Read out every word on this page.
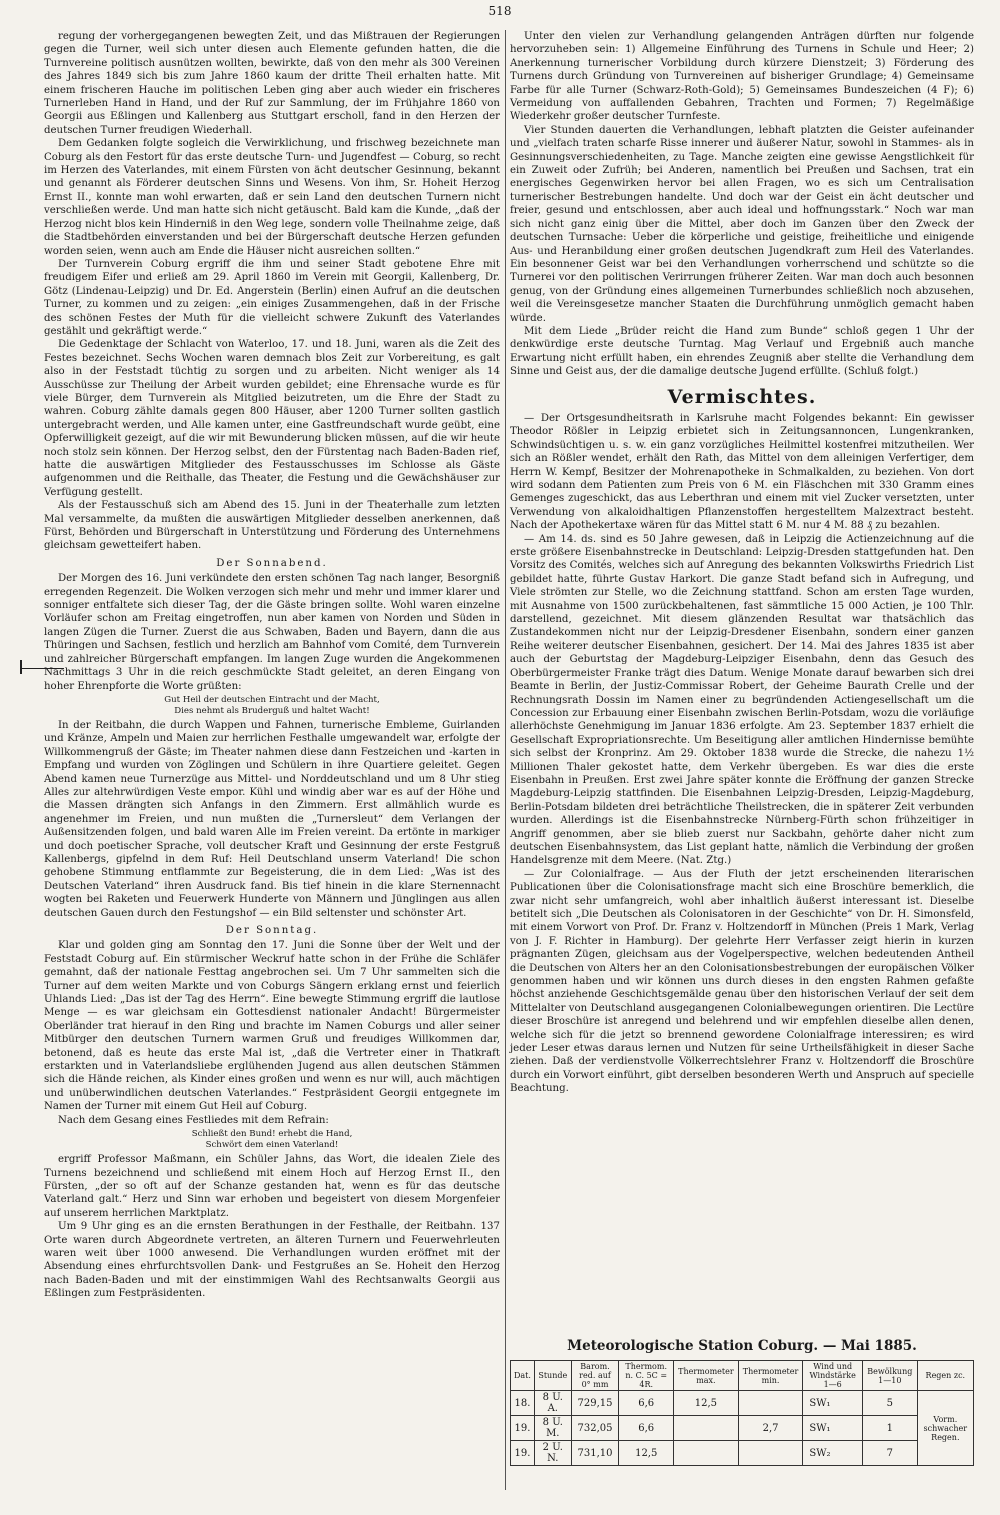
518

regung der vorhergegangenen bewegten Zeit, und das Mißtrauen der Regierungen gegen die Turner, weil sich unter diesen auch Elemente gefunden hatten, die die Turnvereine politisch ausnützen wollten, bewirkte, daß von den mehr als 300 Vereinen des Jahres 1849 sich bis zum Jahre 1860 kaum der dritte Theil erhalten hatte. Mit einem frischeren Hauche im politischen Leben ging aber auch wieder ein frischeres Turnerleben Hand in Hand, und der Ruf zur Sammlung, der im Frühjahre 1860 von Georgii aus Eßlingen und Kallenberg aus Stuttgart erscholl, fand in den Herzen der deutschen Turner freudigen Wiederhall.

Dem Gedanken folgte sogleich die Verwirklichung, und frischweg bezeichnete man Coburg als den Festort für das erste deutsche Turn- und Jugendfest — Coburg, so recht im Herzen des Vaterlandes, mit einem Fürsten von ächt deutscher Gesinnung, bekannt und genannt als Förderer deutschen Sinns und Wesens. Von ihm, Sr. Hoheit Herzog Ernst II., konnte man wohl erwarten, daß er sein Land den deutschen Turnern nicht verschließen werde. Und man hatte sich nicht getäuscht. Bald kam die Kunde, „daß der Herzog nicht blos kein Hinderniß in den Weg lege, sondern volle Theilnahme zeige, daß die Stadtbehörden einverstanden und bei der Bürgerschaft deutsche Herzen gefunden worden seien, wenn auch am Ende die Häuser nicht ausreichen sollten.“

Der Turnverein Coburg ergriff die ihm und seiner Stadt gebotene Ehre mit freudigem Eifer und erließ am 29. April 1860 im Verein mit Georgii, Kallenberg, Dr. Götz (Lindenau-Leipzig) und Dr. Ed. Angerstein (Berlin) einen Aufruf an die deutschen Turner, zu kommen und zu zeigen: „ein einiges Zusammengehen, daß in der Frische des schönen Festes der Muth für die vielleicht schwere Zukunft des Vaterlandes gestählt und gekräftigt werde.“

Die Gedenktage der Schlacht von Waterloo, 17. und 18. Juni, waren als die Zeit des Festes bezeichnet. Sechs Wochen waren demnach blos Zeit zur Vorbereitung, es galt also in der Feststadt tüchtig zu sorgen und zu arbeiten. Nicht weniger als 14 Ausschüsse zur Theilung der Arbeit wurden gebildet; eine Ehrensache wurde es für viele Bürger, dem Turnverein als Mitglied beizutreten, um die Ehre der Stadt zu wahren. Coburg zählte damals gegen 800 Häuser, aber 1200 Turner sollten gastlich untergebracht werden, und Alle kamen unter, eine Gastfreundschaft wurde geübt, eine Opferwilligkeit gezeigt, auf die wir mit Bewunderung blicken müssen, auf die wir heute noch stolz sein können. Der Herzog selbst, den der Fürstentag nach Baden-Baden rief, hatte die auswärtigen Mitglieder des Festausschusses im Schlosse als Gäste aufgenommen und die Reithalle, das Theater, die Festung und die Gewächshäuser zur Verfügung gestellt.

Als der Festausschuß sich am Abend des 15. Juni in der Theaterhalle zum letzten Mal versammelte, da mußten die auswärtigen Mitglieder desselben anerkennen, daß Fürst, Behörden und Bürgerschaft in Unterstützung und Förderung des Unternehmens gleichsam gewetteifert haben.

Der Sonnabend.

Der Morgen des 16. Juni verkündete den ersten schönen Tag nach langer, Besorgniß erregenden Regenzeit. Die Wolken verzogen sich mehr und mehr und immer klarer und sonniger entfaltete sich dieser Tag, der die Gäste bringen sollte. Wohl waren einzelne Vorläufer schon am Freitag eingetroffen, nun aber kamen von Norden und Süden in langen Zügen die Turner. Zuerst die aus Schwaben, Baden und Bayern, dann die aus Thüringen und Sachsen, festlich und herzlich am Bahnhof vom Comité, dem Turnverein und zahlreicher Bürgerschaft empfangen. Im langen Zuge wurden die Angekommenen Nachmittags 3 Uhr in die reich geschmückte Stadt geleitet, an deren Eingang von hoher Ehrenpforte die Worte grüßten:

Gut Heil der deutschen Eintracht und der Macht,
Dies nehmt als Bruderguß und haltet Wacht!

In der Reitbahn, die durch Wappen und Fahnen, turnerische Embleme, Guirlanden und Kränze, Ampeln und Maien zur herrlichen Festhalle umgewandelt war, erfolgte der Willkommengruß der Gäste; im Theater nahmen diese dann Festzeichen und -karten in Empfang und wurden von Zöglingen und Schülern in ihre Quartiere geleitet. Gegen Abend kamen neue Turnerzüge aus Mittel- und Norddeutschland und um 8 Uhr stieg Alles zur altehrwürdigen Veste empor. Kühl und windig aber war es auf der Höhe und die Massen drängten sich Anfangs in den Zimmern. Erst allmählich wurde es angenehmer im Freien, und nun mußten die „Turnersleut“ dem Verlangen der Außensitzenden folgen, und bald waren Alle im Freien vereint. Da ertönte in markiger und doch poetischer Sprache, voll deutscher Kraft und Gesinnung der erste Festgruß Kallenbergs, gipfelnd in dem Ruf: Heil Deutschland unserm Vaterland! Die schon gehobene Stimmung entflammte zur Begeisterung, die in dem Lied: „Was ist des Deutschen Vaterland“ ihren Ausdruck fand. Bis tief hinein in die klare Sternennacht wogten bei Raketen und Feuerwerk Hunderte von Männern und Jünglingen aus allen deutschen Gauen durch den Festungshof — ein Bild seltenster und schönster Art.

Der Sonntag.

Klar und golden ging am Sonntag den 17. Juni die Sonne über der Welt und der Feststadt Coburg auf. Ein stürmischer Weckruf hatte schon in der Frühe die Schläfer gemahnt, daß der nationale Festtag angebrochen sei. Um 7 Uhr sammelten sich die Turner auf dem weiten Markte und von Coburgs Sängern erklang ernst und feierlich Uhlands Lied: „Das ist der Tag des Herrn“. Eine bewegte Stimmung ergriff die lautlose Menge — es war gleichsam ein Gottesdienst nationaler Andacht! Bürgermeister Oberländer trat hierauf in den Ring und brachte im Namen Coburgs und aller seiner Mitbürger den deutschen Turnern warmen Gruß und freudiges Willkommen dar, betonend, daß es heute das erste Mal ist, „daß die Vertreter einer in Thatkraft erstarkten und in Vaterlandsliebe erglühenden Jugend aus allen deutschen Stämmen sich die Hände reichen, als Kinder eines großen und wenn es nur will, auch mächtigen und unüberwindlichen deutschen Vaterlandes.“ Festpräsident Georgii entgegnete im Namen der Turner mit einem Gut Heil auf Coburg.

Nach dem Gesang eines Festliedes mit dem Refrain:

Schließt den Bund! erhebt die Hand,
Schwört dem einen Vaterland!

ergriff Professor Maßmann, ein Schüler Jahns, das Wort, die idealen Ziele des Turnens bezeichnend und schließend mit einem Hoch auf Herzog Ernst II., den Fürsten, „der so oft auf der Schanze gestanden hat, wenn es für das deutsche Vaterland galt.“ Herz und Sinn war erhoben und begeistert von diesem Morgenfeier auf unserem herrlichen Marktplatz.

Um 9 Uhr ging es an die ernsten Berathungen in der Festhalle, der Reitbahn. 137 Orte waren durch Abgeordnete vertreten, an älteren Turnern und Feuerwehrleuten waren weit über 1000 anwesend. Die Verhandlungen wurden eröffnet mit der Absendung eines ehrfurchtsvollen Dank- und Festgrußes an Se. Hoheit den Herzog nach Baden-Baden und mit der einstimmigen Wahl des Rechtsanwalts Georgii aus Eßlingen zum Festpräsidenten.

Unter den vielen zur Verhandlung gelangenden Anträgen dürften nur folgende hervorzuheben sein: 1) Allgemeine Einführung des Turnens in Schule und Heer; 2) Anerkennung turnerischer Vorbildung durch kürzere Dienstzeit; 3) Förderung des Turnens durch Gründung von Turnvereinen auf bisheriger Grundlage; 4) Gemeinsame Farbe für alle Turner (Schwarz-Roth-Gold); 5) Gemeinsames Bundeszeichen (4 F); 6) Vermeidung von auffallenden Gebahren, Trachten und Formen; 7) Regelmäßige Wiederkehr großer deutscher Turnfeste.

Vier Stunden dauerten die Verhandlungen, lebhaft platzten die Geister aufeinander und „vielfach traten scharfe Risse innerer und äußerer Natur, sowohl in Stammes- als in Gesinnungsverschiedenheiten, zu Tage. Manche zeigten eine gewisse Aengstlichkeit für ein Zuweit oder Zufrüh; bei Anderen, namentlich bei Preußen und Sachsen, trat ein energisches Gegenwirken hervor bei allen Fragen, wo es sich um Centralisation turnerischer Bestrebungen handelte. Und doch war der Geist ein ächt deutscher und freier, gesund und entschlossen, aber auch ideal und hoffnungsstark.“ Noch war man sich nicht ganz einig über die Mittel, aber doch im Ganzen über den Zweck der deutschen Turnsache: Ueber die körperliche und geistige, freiheitliche und einigende Aus- und Heranbildung einer großen deutschen Jugendkraft zum Heil des Vaterlandes. Ein besonnener Geist war bei den Verhandlungen vorherrschend und schützte so die Turnerei vor den politischen Verirrungen früherer Zeiten. War man doch auch besonnen genug, von der Gründung eines allgemeinen Turnerbundes schließlich noch abzusehen, weil die Vereinsgesetze mancher Staaten die Durchführung unmöglich gemacht haben würde.

Mit dem Liede „Brüder reicht die Hand zum Bunde“ schloß gegen 1 Uhr der denkwürdige erste deutsche Turntag. Mag Verlauf und Ergebniß auch manche Erwartung nicht erfüllt haben, ein ehrendes Zeugniß aber stellte die Verhandlung dem Sinne und Geist aus, der die damalige deutsche Jugend erfüllte. (Schluß folgt.)

Vermischtes.

— Der Ortsgesundheitsrath in Karlsruhe macht Folgendes bekannt: Ein gewisser Theodor Rößler in Leipzig erbietet sich in Zeitungsannoncen, Lungenkranken, Schwindsüchtigen u. s. w. ein ganz vorzügliches Heilmittel kostenfrei mitzutheilen. Wer sich an Rößler wendet, erhält den Rath, das Mittel von dem alleinigen Verfertiger, dem Herrn W. Kempf, Besitzer der Mohrenapotheke in Schmalkalden, zu beziehen. Von dort wird sodann dem Patienten zum Preis von 6 M. ein Fläschchen mit 330 Gramm eines Gemenges zugeschickt, das aus Leberthran und einem mit viel Zucker versetzten, unter Verwendung von alkaloidhaltigen Pflanzenstoffen hergestelltem Malzextract besteht. Nach der Apothekertaxe wären für das Mittel statt 6 M. nur 4 M. 88 ₰ zu bezahlen.

— Am 14. ds. sind es 50 Jahre gewesen, daß in Leipzig die Actienzeichnung auf die erste größere Eisenbahnstrecke in Deutschland: Leipzig-Dresden stattgefunden hat. Den Vorsitz des Comités, welches sich auf Anregung des bekannten Volkswirths Friedrich List gebildet hatte, führte Gustav Harkort. Die ganze Stadt befand sich in Aufregung, und Viele strömten zur Stelle, wo die Zeichnung stattfand. Schon am ersten Tage wurden, mit Ausnahme von 1500 zurückbehaltenen, fast sämmtliche 15 000 Actien, je 100 Thlr. darstellend, gezeichnet. Mit diesem glänzenden Resultat war thatsächlich das Zustandekommen nicht nur der Leipzig-Dresdener Eisenbahn, sondern einer ganzen Reihe weiterer deutscher Eisenbahnen, gesichert. Der 14. Mai des Jahres 1835 ist aber auch der Geburtstag der Magdeburg-Leipziger Eisenbahn, denn das Gesuch des Oberbürgermeister Franke trägt dies Datum. Wenige Monate darauf bewarben sich drei Beamte in Berlin, der Justiz-Commissar Robert, der Geheime Baurath Crelle und der Rechnungsrath Dossin im Namen einer zu begründenden Actiengesellschaft um die Concession zur Erbauung einer Eisenbahn zwischen Berlin-Potsdam, wozu die vorläufige allerhöchste Genehmigung im Januar 1836 erfolgte. Am 23. September 1837 erhielt die Gesellschaft Expropriationsrechte. Um Beseitigung aller amtlichen Hindernisse bemühte sich selbst der Kronprinz. Am 29. Oktober 1838 wurde die Strecke, die nahezu 1½ Millionen Thaler gekostet hatte, dem Verkehr übergeben. Es war dies die erste Eisenbahn in Preußen. Erst zwei Jahre später konnte die Eröffnung der ganzen Strecke Magdeburg-Leipzig stattfinden. Die Eisenbahnen Leipzig-Dresden, Leipzig-Magdeburg, Berlin-Potsdam bildeten drei beträchtliche Theilstrecken, die in späterer Zeit verbunden wurden. Allerdings ist die Eisenbahnstrecke Nürnberg-Fürth schon frühzeitiger in Angriff genommen, aber sie blieb zuerst nur Sackbahn, gehörte daher nicht zum deutschen Eisenbahnsystem, das List geplant hatte, nämlich die Verbindung der großen Handelsgrenze mit dem Meere. (Nat. Ztg.)

— Zur Colonialfrage. — Aus der Fluth der jetzt erscheinenden literarischen Publicationen über die Colonisationsfrage macht sich eine Broschüre bemerklich, die zwar nicht sehr umfangreich, wohl aber inhaltlich äußerst interessant ist. Dieselbe betitelt sich „Die Deutschen als Colonisatoren in der Geschichte“ von Dr. H. Simonsfeld, mit einem Vorwort von Prof. Dr. Franz v. Holtzendorff in München (Preis 1 Mark, Verlag von J. F. Richter in Hamburg). Der gelehrte Herr Verfasser zeigt hierin in kurzen prägnanten Zügen, gleichsam aus der Vogelperspective, welchen bedeutenden Antheil die Deutschen von Alters her an den Colonisationsbestrebungen der europäischen Völker genommen haben und wir können uns durch dieses in den engsten Rahmen gefaßte höchst anziehende Geschichtsgemälde genau über den historischen Verlauf der seit dem Mittelalter von Deutschland ausgegangenen Colonialbewegungen orientiren. Die Lectüre dieser Broschüre ist anregend und belehrend und wir empfehlen dieselbe allen denen, welche sich für die jetzt so brennend gewordene Colonialfrage interessiren; es wird jeder Leser etwas daraus lernen und Nutzen für seine Urtheilsfähigkeit in dieser Sache ziehen. Daß der verdienstvolle Völkerrechtslehrer Franz v. Holtzendorff die Broschüre durch ein Vorwort einführt, gibt derselben besonderen Werth und Anspruch auf specielle Beachtung.

Meteorologische Station Coburg. — Mai 1885.
Dat.	Stunde	Barom. red. auf 0° mm	Thermom. n. C. 5C = 4R.	Thermometer max.	Thermometer min.	Wind und Windstärke 1—6	Bewölkung 1—10	Regen zc.
18.	8 U. A.	729,15	6,6	12,5		SW₁	5	Vorm. schwacher Regen.
19.	8 U. M.	732,05	6,6		2,7	SW₁	1	
19.	2 U. N.	731,10	12,5			SW₂	7	
